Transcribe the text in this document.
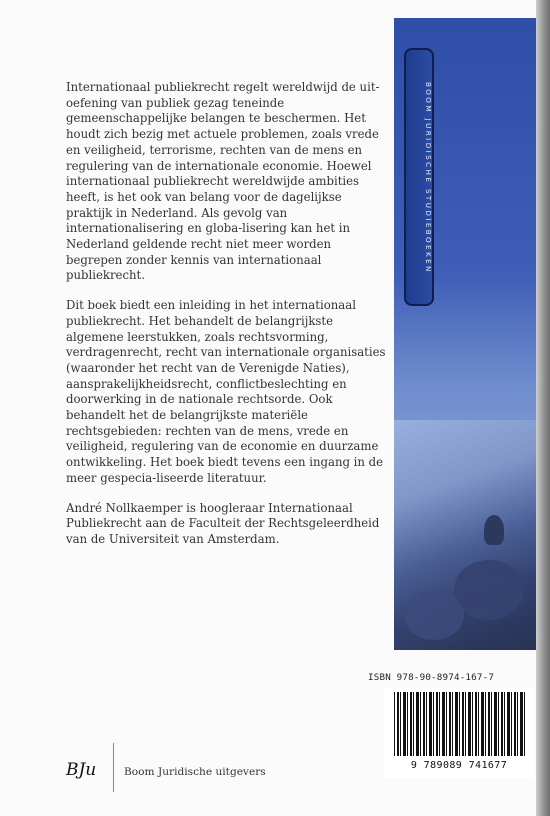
BOOM JURIDISCHE STUDIEBOEKEN

Internationaal publiekrecht regelt wereldwijd de uit-oefening van publiek gezag teneinde gemeenschappelijke belangen te beschermen. Het houdt zich bezig met actuele problemen, zoals vrede en veiligheid, terrorisme, rechten van de mens en regulering van de internationale economie. Hoewel internationaal publiekrecht wereldwijde ambities heeft, is het ook van belang voor de dagelijkse praktijk in Nederland. Als gevolg van internationalisering en globa-lisering kan het in Nederland geldende recht niet meer worden begrepen zonder kennis van internationaal publiekrecht.

Dit boek biedt een inleiding in het internationaal publiekrecht. Het behandelt de belangrijkste algemene leerstukken, zoals rechtsvorming, verdragenrecht, recht van internationale organisaties (waaronder het recht van de Verenigde Naties), aansprakelijkheidsrecht, conflictbeslechting en doorwerking in de nationale rechtsorde. Ook behandelt het de belangrijkste materiële rechtsgebieden: rechten van de mens, vrede en veiligheid, regulering van de economie en duurzame ontwikkeling. Het boek biedt tevens een ingang in de meer gespecia-liseerde literatuur.

André Nollkaemper is hoogleraar Internationaal Publiekrecht aan de Faculteit der Rechtsgeleerdheid van de Universiteit van Amsterdam.

ISBN 978-90-8974-167-7
9 789089 741677
BJu	Boom Juridische uitgevers
